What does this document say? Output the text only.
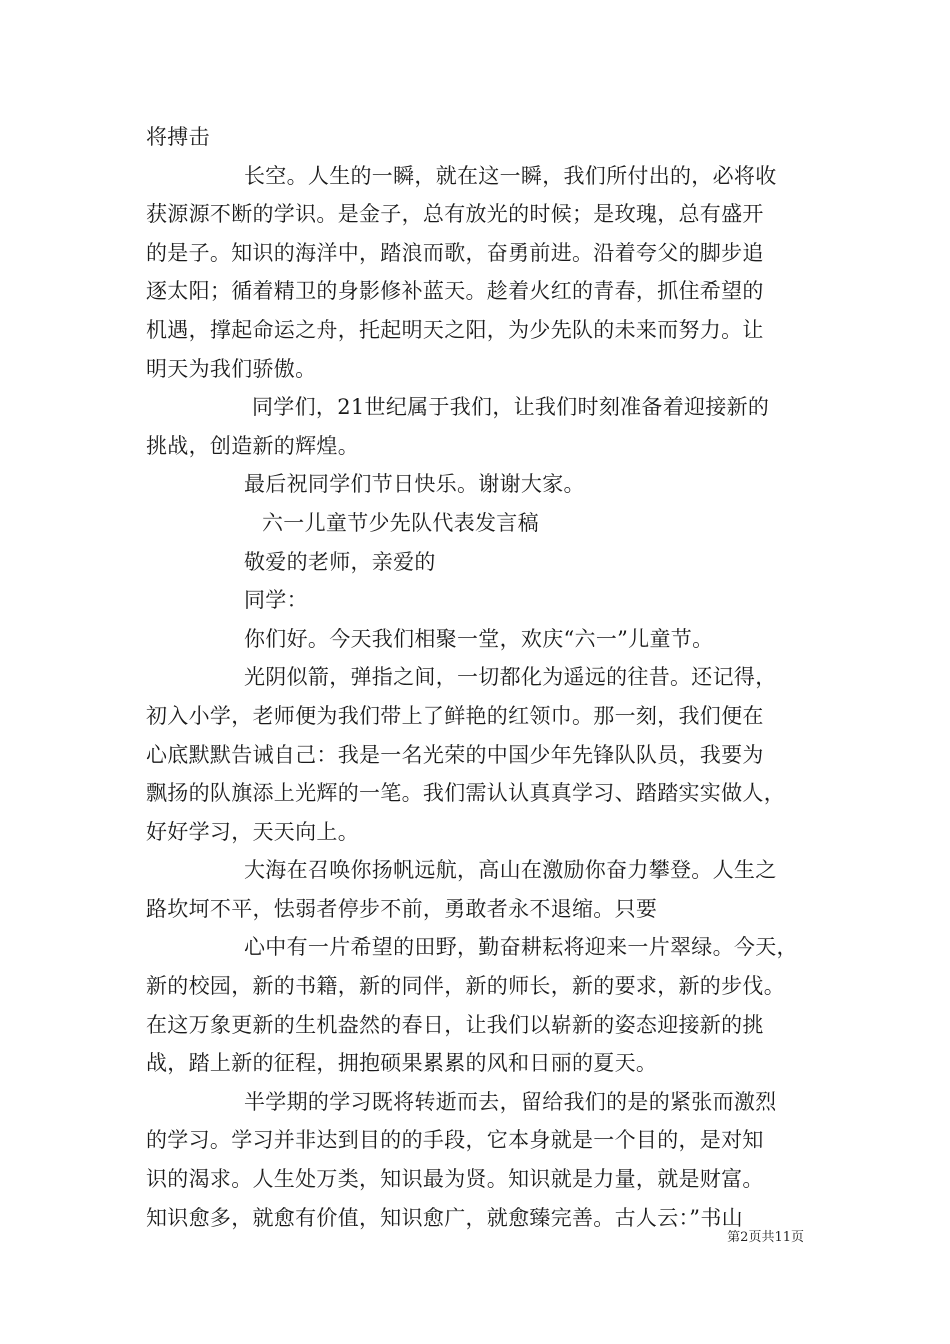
将搏击
长空。人生的一瞬，就在这一瞬，我们所付出的，必将收
获源源不断的学识。是金子，总有放光的时候；是玫瑰，总有盛开
的是子。知识的海洋中，踏浪而歌，奋勇前进。沿着夸父的脚步追
逐太阳；循着精卫的身影修补蓝天。趁着火红的青春，抓住希望的
机遇，撑起命运之舟，托起明天之阳，为少先队的未来而努力。让
明天为我们骄傲。
同学们，21世纪属于我们，让我们时刻准备着迎接新的
挑战，创造新的辉煌。
最后祝同学们节日快乐。谢谢大家。
六一儿童节少先队代表发言稿
敬爱的老师，亲爱的
同学：
你们好。今天我们相聚一堂，欢庆“六一”儿童节。
光阴似箭，弹指之间，一切都化为遥远的往昔。还记得，
初入小学，老师便为我们带上了鲜艳的红领巾。那一刻，我们便在
心底默默告诫自己：我是一名光荣的中国少年先锋队队员，我要为
飘扬的队旗添上光辉的一笔。我们需认认真真学习、踏踏实实做人，
好好学习，天天向上。
大海在召唤你扬帆远航，高山在激励你奋力攀登。人生之
路坎坷不平，怯弱者停步不前，勇敢者永不退缩。只要
心中有一片希望的田野，勤奋耕耘将迎来一片翠绿。今天，
新的校园，新的书籍，新的同伴，新的师长，新的要求，新的步伐。
在这万象更新的生机盎然的春日，让我们以崭新的姿态迎接新的挑
战，踏上新的征程，拥抱硕果累累的风和日丽的夏天。
半学期的学习既将转逝而去，留给我们的是的紧张而激烈
的学习。学习并非达到目的的手段，它本身就是一个目的，是对知
识的渴求。人生处万类，知识最为贤。知识就是力量，就是财富。
知识愈多，就愈有价值，知识愈广，就愈臻完善。古人云：”书山
第2页共11页
